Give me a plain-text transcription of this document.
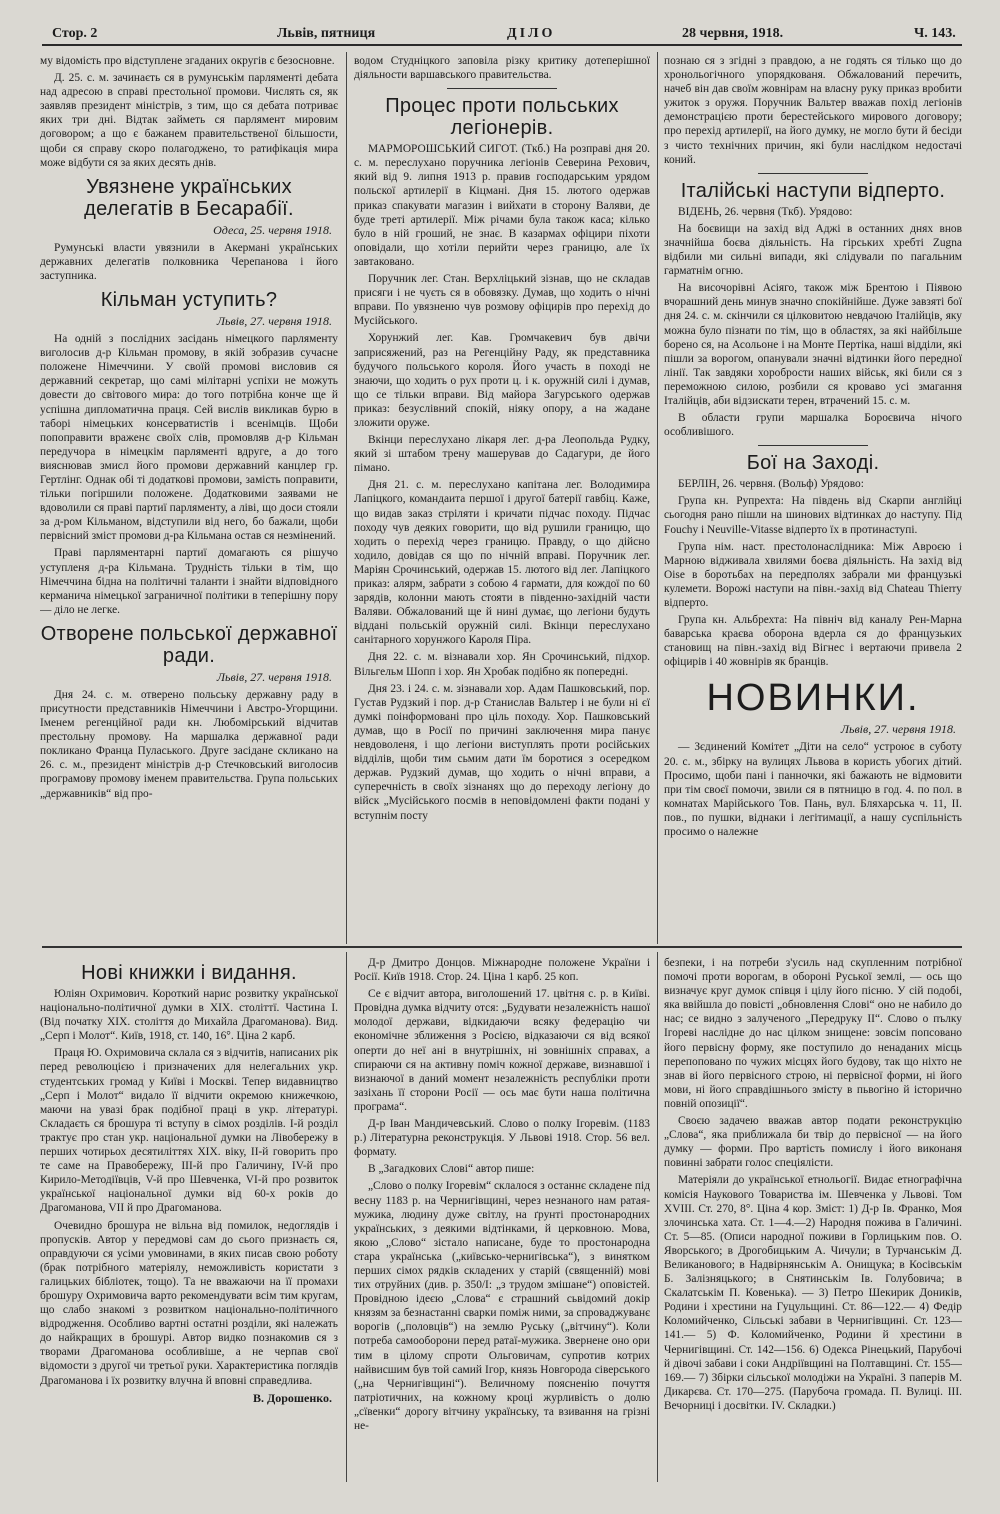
Стор. 2	Львів, пятниця	ДІЛО	28 червня, 1918.	Ч. 143.

му відомість про відступлене згаданих округів є безосновне.

Д. 25. с. м. зачинаєть ся в румунськім парляменті дебата над адресою в справі престольної промови. Числять ся, як заявляв президент міністрів, з тим, що ся дебата потриває яких три дні. Відтак займеть ся парлямент мировим договором; а що є бажанем правительственої більшости, щоби ся справу скоро полагоджено, то ратифікація мира може відбути ся за яких десять днів.

Увязнене українських делегатів в Бесарабії.
Одеса, 25. червня 1918.

Румунські власти увязнили в Акермані українських державних делегатів полковника Черепанова і його заступника.

Кільман уступить?
Львів, 27. червня 1918.

На одній з послідних засідань німецкого парляменту виголосив д-р Кільман промову, в якій зобразив сучасне положене Німеччини. У своїй промові висловив ся державний секретар, що самі мілітарні успіхи не можуть довести до світового мира: до того потрібна конче ще й успішна дипломатична праця. Сей вислів викликав бурю в таборі німецьких консерватистів і всенімців. Щоби попоправити враженє своїх слів, промовляв д-р Кільман передучора в німецкім парляменті вдруге, а до того вияснював змисл його промови державний канцлер гр. Гертлінг. Однак обі ті додаткові промови, замість поправити, тільки погіршили положене. Додатковими заявами не вдоволили ся праві партиї парляменту, а ліві, що доси стояли за д-ром Кільманом, відступили від него, бо бажали, щоби первісний зміст промови д-ра Кільмана остав ся незмінений.

Праві парляментарні партиї домагають ся рішучо уступленя д-ра Кільмана. Трудність тільки в тім, що Німеччина бідна на політичні таланти і знайти відповідного керманича німецької заграничної політики в теперішну пору — діло не легке.

Отворене польської державної ради.
Львів, 27. червня 1918.

Дня 24. с. м. отверено польську державну раду в присутности представників Німеччини і Австро-Угорщини. Іменем регенційної ради кн. Любомірський відчитав престольну промову. На маршалка державної ради покликано Франца Пуласького. Друге засідане скликано на 26. с. м., президент міністрів д-р Стечковський виголосив програмову промову іменем правительства. Група польських „державників“ від про-

водом Студніцкого заповіла різку критику дотеперішної діяльности варшавського правительства.

Процес проти польських легіонерів.

МАРМОРОШСЬКИЙ СИГОТ. (Ткб.) На розправі дня 20. с. м. переслухано поручника легіонів Северина Рехович, який від 9. липня 1913 р. правив господарським урядом польскої артилерії в Кіцмані. Дня 15. лютого одержав приказ спакувати магазин і вийхати в сторону Валяви, де буде треті артилерії. Між річами була також каса; кілько було в ній гроший, не знає. В казармах офіцири піхоти оповідали, що хотіли перийти через границю, але їх завтаковано.

Поручник лег. Стан. Верхліцький зізнав, що не складав присяги і не чуєть ся в обовязку. Думав, що ходить о нічні вправи. По увязненю чув розмову офіцирів про перехід до Мусійського.

Хорунжий лег. Кав. Громчакевич був двічи заприсяжений, раз на Регенційну Раду, як представника будучого польського короля. Його участь в поході не знаючи, що ходить о рух проти ц. і к. оружній силі і думав, що се тільки вправи. Від майора Загурського одержав приказ: безуслівний спокій, ніяку опору, а на жадане зложити оруже.

Вкінци переслухано лікаря лег. д-ра Леопольда Рудку, який зі штабом трену машерував до Садагури, де його пімано.

Дня 21. с. м. переслухано капітана лег. Володимира Лапіцкого, командаита першої і другої батерії гавбіц. Каже, що видав заказ стріляти і кричати підчас походу. Підчас походу чув деяких говорити, що від рушили границю, що ходить о перехід через границю. Правду, о що дійсно ходило, довідав ся що по нічній вправі. Поручник лег. Маріян Срочинський, одержав 15. лютого від лег. Лапіцкого приказ: алярм, забрати з собою 4 гармати, для кождої по 60 зарядів, колонни мають стояти в південно-західній части Валяви. Обжалований ще й нині думає, що легіони будуть віддані польській оружній силі. Вкінци переслухано санітарного хорунжого Кароля Піра.

Дня 22. с. м. візнавали хор. Ян Срочинський, підхор. Вільгельм Шопп і хор. Ян Хробак подібно як попередні.

Дня 23. і 24. с. м. зізнавали хор. Адам Пашковський, пор. Густав Рудзкий і пор. д-р Станислав Вальтер і не були ні єї думкі поінформовані про ціль походу. Хор. Пашковський думав, що в Росії по причині заключення мира панує невдоволеня, і що легіони виступлять проти російських відділів, щоби тим сьмим дати їм боротися з осередком держав. Рудзкий думав, що ходить о нічні вправи, а суперечність в своїх зізнанях що до переходу легіону до війск „Мусійського посмів в неповідомлені факти подані у вступнім посту

познаю ся з згідні з правдою, а не годять ся тілько що до хронольогічного упорядкованя. Обжалований перечить, начеб він дав своїм жовнірам на власну руку приказ вробити ужиток з оружя. Поручник Вальтер вважав похід легіонів демонстрацією проти берестейського мирового договору; про перехід артилерії, на його думку, не могло бути й бесіди з чисто технічних причин, які були наслідком недостачі коний.

Італійські наступи відперто.

ВІДЕНЬ, 26. червня (Ткб). Урядово:

На боєвищи на захід від Аджі в останних днях внов значнійша боєва діяльність. На гірських хребті Zugna відбили ми сильні випади, які слідували по пагальним гарматнім огню.

На височорівні Асіяго, також між Брентою і Піявою вчорашний день минув значно спокійнійше. Дуже завзяті бої дня 24. с. м. скінчили ся цілковитою невдачою Італійців, яку можна було пізнати по тім, що в областях, за які найбільше борено ся, на Асольоне і на Монте Пертіка, наші відділи, які пішли за ворогом, опанували значні відтинки його передної лінії. Так завдяки хоробрости наших військ, які били ся з переможною силою, розбили ся кроваво усі змагання Італійців, аби відзискати терен, втрачений 15. с. м.

В области групи маршалка Бороєвича нічого особливішого.

Бої на Заході.

БЕРЛІН, 26. червня. (Вольф) Урядово:

Група кн. Рупрехта: На південь від Скарпи англійці сьогодня рано пішли на шинових відтинках до наступу. Під Fouchy і Neuville-Vitasse відперто їх в протинаступі.

Група нім. наст. престолонаслідника: Між Авроєю і Марною відживала хвилями боєва діяльність. На захід від Oise в боротьбах на передполях забрали ми французькі кулемети. Ворожі наступи на півн.-захід від Chateau Thierry відперто.

Група кн. Альбрехта: На північ від каналу Рен-Марна баварська краєва оборона вдерла ся до французьких становищ на півн.-захід від Вігнес і вертаючи привела 2 офіцирів і 40 жовнірів як бранців.

НОВИНКИ.
Львів, 27. червня 1918.

— Зєдинений Комітет „Діти на село“ устроює в суботу 20. с. м., збірку на вулицях Львова в користь убогих дітий. Просимо, щоби пані і панночки, які бажають не відмовити при тім своєї помочи, звили ся в пятницю в год. 4. по пол. в комнатах Марійського Тов. Пань, вул. Бляхарська ч. 11, II. пов., по пушки, віднаки і легітимації, а нашу суспільність просимо о належне

Нові книжки і видання.

Юліян Охримович. Короткий нарис розвитку української національно-політичної думки в XIX. століттї. Частина І. (Від початку XIX. століття до Михайла Драгоманова). Вид. „Серп і Молот“. Київ, 1918, ст. 140, 16°. Ціна 2 карб.

Праця Ю. Охримовича склала ся з відчитів, написаних рік перед революцією і призначених для нелегальних укр. студентських громад у Київі і Москві. Тепер видавництво „Серп і Молот“ видало її відчити окремою книжечкою, маючи на увазі брак подібної праці в укр. літературі. Складаєть ся брошура ті вступу в сімох розділів. І-й розділ трактує про стан укр. національної думки на Лівобережу в перших чотирьох десятиліттях XIX. віку, II-й говорить про те саме на Правобережу, III-й про Галичину, IV-й про Кирило-Методіївців, V-й про Шевченка, VI-й про розвиток української національної думки від 60-х років до Драгоманова, VII й про Драгоманова.

Очевидно брошура не вільна від помилок, недоглядів і пропусків. Автор у передмові сам до сього признаєть ся, оправдуючи ся усіми умовинами, в яких писав свою роботу (брак потрібного матеріялу, неможливість користати з галицьких бібліотек, тощо). Та не вважаючи на її промахи брошуру Охримовича варто рекомендувати всім тим кругам, що слабо знакомі з розвитком національно-політичного відродження. Особливо вартні остатні розділи, які належать до найкращих в брошурі. Автор видко познакомив ся з творами Драгоманова особливіше, а не черпав свої відомости з другої чи третьої руки. Характеристика поглядів Драгоманова і їх розвитку влучна й вповні справедлива.

В. Дорошенко.

Д-р Дмитро Донцов. Міжнародне положене України і Росії. Київ 1918. Стор. 24. Ціна 1 карб. 25 коп.

Се є відчит автора, виголошений 17. цвітня с. р. в Київі. Провідна думка відчиту отся: „Будувати незалежність нашої молодої держави, відкидаючи всяку федерацію чи економічне зближення з Росією, відказаючи ся від всякої оперти до неї ані в внутрішніх, ні зовнішніх справах, а спираючи ся на активну поміч кожної державе, визнавшої і визнаючої в даний момент незалежність республіки проти зазіхань її сторони Росії — ось має бути наша політична програма“.

Д-р Іван Мандичевський. Слово о полку Ігоревім. (1183 р.) Літературна реконструкція. У Львові 1918. Стор. 56 вел. формату.

В „Загадкових Слові“ автор пише:

„Слово о полку Ігоревім“ склалося з останнє складене під весну 1183 р. на Чернигівщині, через незнаного нам ратая-мужика, людину дуже світлу, на ґрунті простонародних українських, з деякими відтінками, й церковною. Мова, якою „Слово“ зістало написане, буде то простонародна стара українська („київсько-чернигівська“), з винятком перших сімох рядків складених у старій (священній) мові тих отруйних (див. р. 350/І: „з трудом змішане“) оповістей. Провідною ідеєю „Слова“ є страшний сьвідомий докір князям за безнастанні сварки поміж ними, за спроваджуванє ворогів („половців“) на землю Руську („вітчину“). Коли потреба самооборони перед ратаї-мужика. Звернене оно ори тим в цілому спроти Ольговичам, супротив котрих найвисшим був той самий Ігор, князь Новгорода сіверського („на Чернигівщині“). Величному поясненію почуття патріотичних, на кожному кроці журливість о долю „сївенки“ дорогу вітчину українську, та взивання на грізні не-

безпеки, і на потреби з'усиль над скупленним потрібної помочі проти ворогам, в обороні Руської землі, — ось що визначує круг думок співця і цілу його пісню. У сій подобі, яка ввійшла до повісті „обновлення Слові“ оно не набило до нас; се видно з залученого „Передруку II“. Слово о пълку Ігореві наслідне до нас цілком знищене: зовсім попсовано його первісну форму, яке поступило до ненаданих місць перепоповано по чужих місцях його будову, так що ніхто не знав ві його первісного строю, ні первісної форми, ні його мови, ні його справдішнього змісту в пьвогіно й історично повній опозиції“.

Своєю задачею вважав автор подати реконструкцію „Слова“, яка приближала би твір до первісної — на його думку — форми. Про вартість помислу і його виконаня повинні забрати голос спеціялісти.

Матеріяли до української етнольогії. Видає етнографічна комісія Наукового Товариства ім. Шевченка у Львові. Том XVIII. Ст. 270, 8°. Ціна 4 кор. Зміст: 1) Д-р Ів. Франко, Моя злочинська хата. Ст. 1—4.—2) Народня пожива в Галичині. Ст. 5—85. (Описи народної поживи в Горлицьким пов. О. Яворського; в Дрогобицьким А. Чичули; в Турчанськім Д. Великанового; в Надвірнянськім А. Онищука; в Косівськім Б. Залізняцького; в Снятинськім Ів. Голубовича; в Скалатськім П. Ковенька). — 3) Петро Шекирик Доників, Родини і хрестини на Гуцульщині. Ст. 86—122.— 4) Федір Коломийченко, Сільські забави в Чернигівщині. Ст. 123—141.— 5) Ф. Коломийченко, Родини й хрестини в Чернигівщині. Ст. 142—156. 6) Одекса Рінецький, Парубочі й дівочі забави і соки Андріївщині на Полтавщині. Ст. 155—169.— 7) Збірки сільської молодіжи на Україні. З паперів М. Дикарєва. Ст. 170—275. (Парубоча громада. П. Вулиці. III. Вечорниці і досвітки. IV. Складки.)
